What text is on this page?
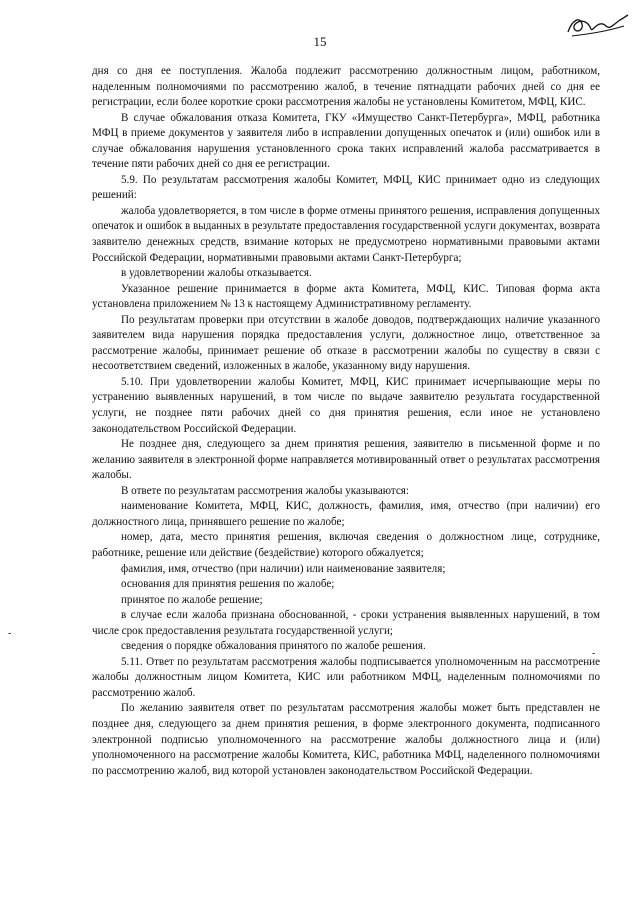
15

дня со дня ее поступления. Жалоба подлежит рассмотрению должностным лицом, работником, наделенным полномочиями по рассмотрению жалоб, в течение пятнадцати рабочих дней со дня ее регистрации, если более короткие сроки рассмотрения жалобы не установлены Комитетом, МФЦ, КИС.

В случае обжалования отказа Комитета, ГКУ «Имущество Санкт-Петербурга», МФЦ, работника МФЦ в приеме документов у заявителя либо в исправлении допущенных опечаток и (или) ошибок или в случае обжалования нарушения установленного срока таких исправлений жалоба рассматривается в течение пяти рабочих дней со дня ее регистрации.

5.9. По результатам рассмотрения жалобы Комитет, МФЦ, КИС принимает одно из следующих решений:

жалоба удовлетворяется, в том числе в форме отмены принятого решения, исправления допущенных опечаток и ошибок в выданных в результате предоставления государственной услуги документах, возврата заявителю денежных средств, взимание которых не предусмотрено нормативными правовыми актами Российской Федерации, нормативными правовыми актами Санкт-Петербурга;

в удовлетворении жалобы отказывается.

Указанное решение принимается в форме акта Комитета, МФЦ, КИС. Типовая форма акта установлена приложением № 13 к настоящему Административному регламенту.

По результатам проверки при отсутствии в жалобе доводов, подтверждающих наличие указанного заявителем вида нарушения порядка предоставления услуги, должностное лицо, ответственное за рассмотрение жалобы, принимает решение об отказе в рассмотрении жалобы по существу в связи с несоответствием сведений, изложенных в жалобе, указанному виду нарушения.

5.10. При удовлетворении жалобы Комитет, МФЦ, КИС принимает исчерпывающие меры по устранению выявленных нарушений, в том числе по выдаче заявителю результата государственной услуги, не позднее пяти рабочих дней со дня принятия решения, если иное не установлено законодательством Российской Федерации.

Не позднее дня, следующего за днем принятия решения, заявителю в письменной форме и по желанию заявителя в электронной форме направляется мотивированный ответ о результатах рассмотрения жалобы.

В ответе по результатам рассмотрения жалобы указываются:

наименование Комитета, МФЦ, КИС, должность, фамилия, имя, отчество (при наличии) его должностного лица, принявшего решение по жалобе;

номер, дата, место принятия решения, включая сведения о должностном лице, сотруднике, работнике, решение или действие (бездействие) которого обжалуется;

фамилия, имя, отчество (при наличии) или наименование заявителя;

основания для принятия решения по жалобе;

принятое по жалобе решение;

в случае если жалоба признана обоснованной, - сроки устранения выявленных нарушений, в том числе срок предоставления результата государственной услуги;

сведения о порядке обжалования принятого по жалобе решения.

5.11. Ответ по результатам рассмотрения жалобы подписывается уполномоченным на рассмотрение жалобы должностным лицом Комитета, КИС или работником МФЦ, наделенным полномочиями по рассмотрению жалоб.

По желанию заявителя ответ по результатам рассмотрения жалобы может быть представлен не позднее дня, следующего за днем принятия решения, в форме электронного документа, подписанного электронной подписью уполномоченного на рассмотрение жалобы должностного лица и (или) уполномоченного на рассмотрение жалобы Комитета, КИС, работника МФЦ, наделенного полномочиями по рассмотрению жалоб, вид которой установлен законодательством Российской Федерации.

-
-
